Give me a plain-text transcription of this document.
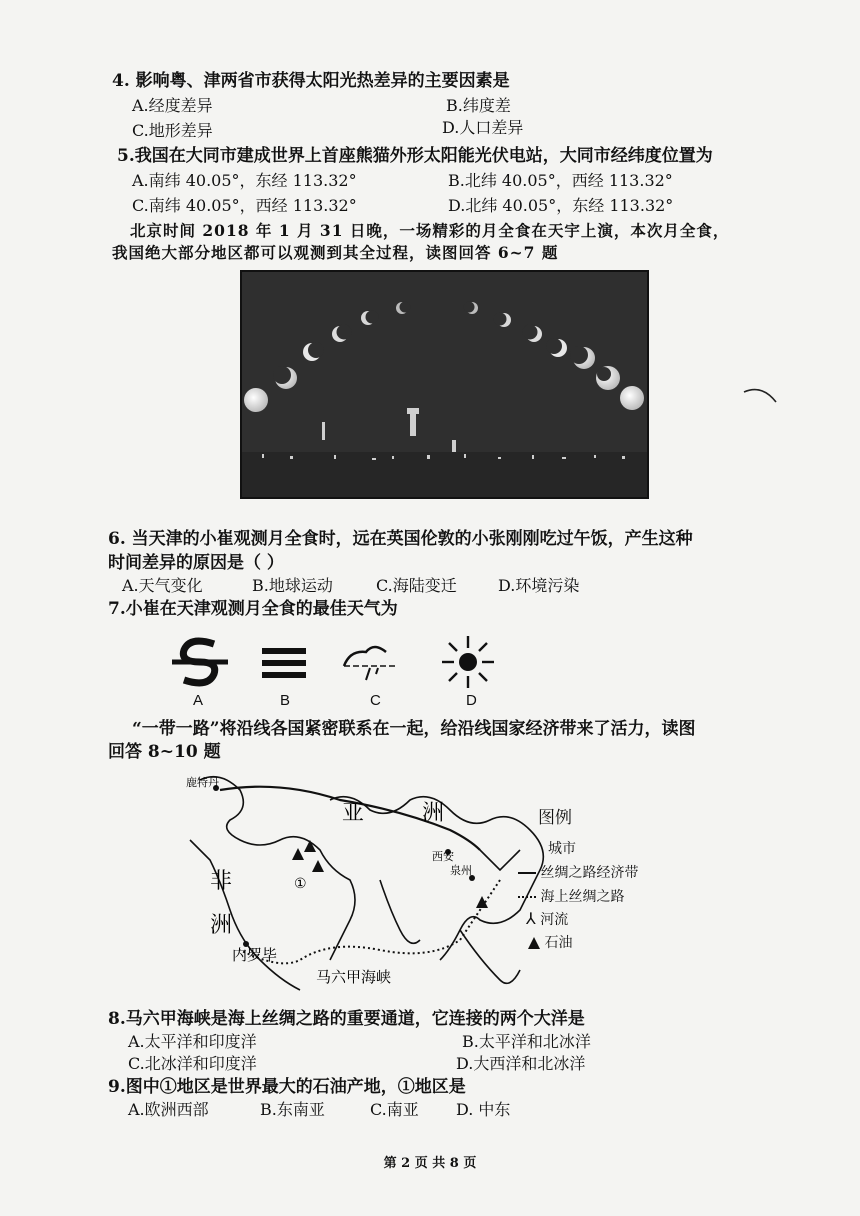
4. 影响粤、津两省市获得太阳光热差异的主要因素是
A.经度差异	B.纬度差
C.地形差异	D.人口差异
5.我国在大同市建成世界上首座熊猫外形太阳能光伏电站，大同市经纬度位置为
A.南纬 40.05°，东经 113.32°	B.北纬 40.05°，西经 113.32°
C.南纬 40.05°，西经 113.32°	D.北纬 40.05°，东经 113.32°
北京时间 2018 年 1 月 31 日晚，一场精彩的月全食在天宇上演，本次月全食，
我国绝大部分地区都可以观测到其全过程，读图回答 6~7 题
6. 当天津的小崔观测月全食时，远在英国伦敦的小张刚刚吃过午饭，产生这种
时间差异的原因是（ ）
A.天气变化	B.地球运动	C.海陆变迁	D.环境污染
7.小崔在天津观测月全食的最佳天气为
A	B	C	D
“一带一路”将沿线各国紧密联系在一起，给沿线国家经济带来了活力，读图
回答 8~10 题
鹿特丹
亚	洲
非
洲
西安
泉州
内罗毕
马六甲海峡
①
图例
城市
丝绸之路经济带
海上丝绸之路
⅄ 河流
石油
8.马六甲海峡是海上丝绸之路的重要通道，它连接的两个大洋是
A.太平洋和印度洋	B.太平洋和北冰洋
C.北冰洋和印度洋	D.大西洋和北冰洋
9.图中①地区是世界最大的石油产地，①地区是
A.欧洲西部	B.东南亚	C.南亚 D. 中东
第 2 页 共 8 页
